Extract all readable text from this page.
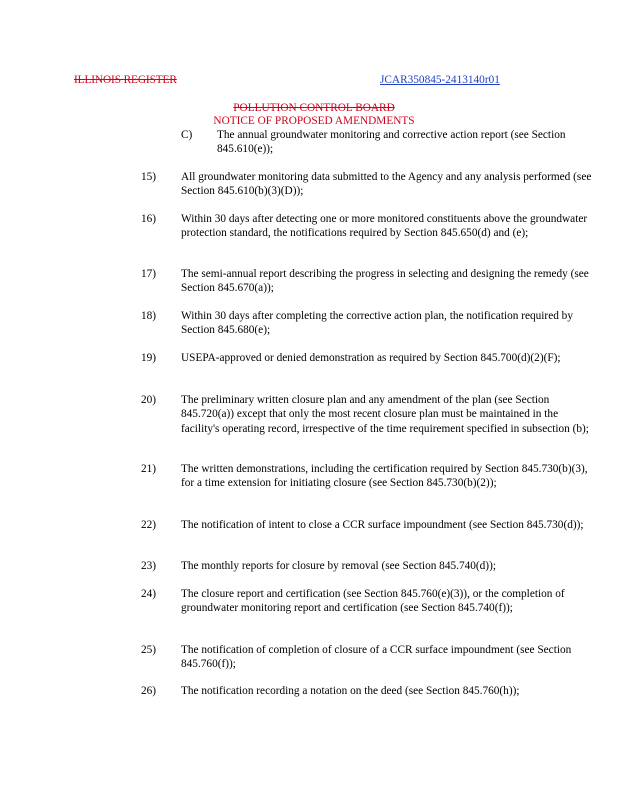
ILLINOIS REGISTER	JCAR350845-2413140r01
POLLUTION CONTROL BOARD
NOTICE OF PROPOSED AMENDMENTS
C) The annual groundwater monitoring and corrective action report (see Section 845.610(e));
15) All groundwater monitoring data submitted to the Agency and any analysis performed (see Section 845.610(b)(3)(D));
16) Within 30 days after detecting one or more monitored constituents above the groundwater protection standard, the notifications required by Section 845.650(d) and (e);
17) The semi-annual report describing the progress in selecting and designing the remedy (see Section 845.670(a));
18) Within 30 days after completing the corrective action plan, the notification required by Section 845.680(e);
19) USEPA-approved or denied demonstration as required by Section 845.700(d)(2)(F);
20) The preliminary written closure plan and any amendment of the plan (see Section 845.720(a)) except that only the most recent closure plan must be maintained in the facility's operating record, irrespective of the time requirement specified in subsection (b);
21) The written demonstrations, including the certification required by Section 845.730(b)(3), for a time extension for initiating closure (see Section 845.730(b)(2));
22) The notification of intent to close a CCR surface impoundment (see Section 845.730(d));
23) The monthly reports for closure by removal (see Section 845.740(d));
24) The closure report and certification (see Section 845.760(e)(3)), or the completion of groundwater monitoring report and certification (see Section 845.740(f));
25) The notification of completion of closure of a CCR surface impoundment (see Section 845.760(f));
26) The notification recording a notation on the deed (see Section 845.760(h));
